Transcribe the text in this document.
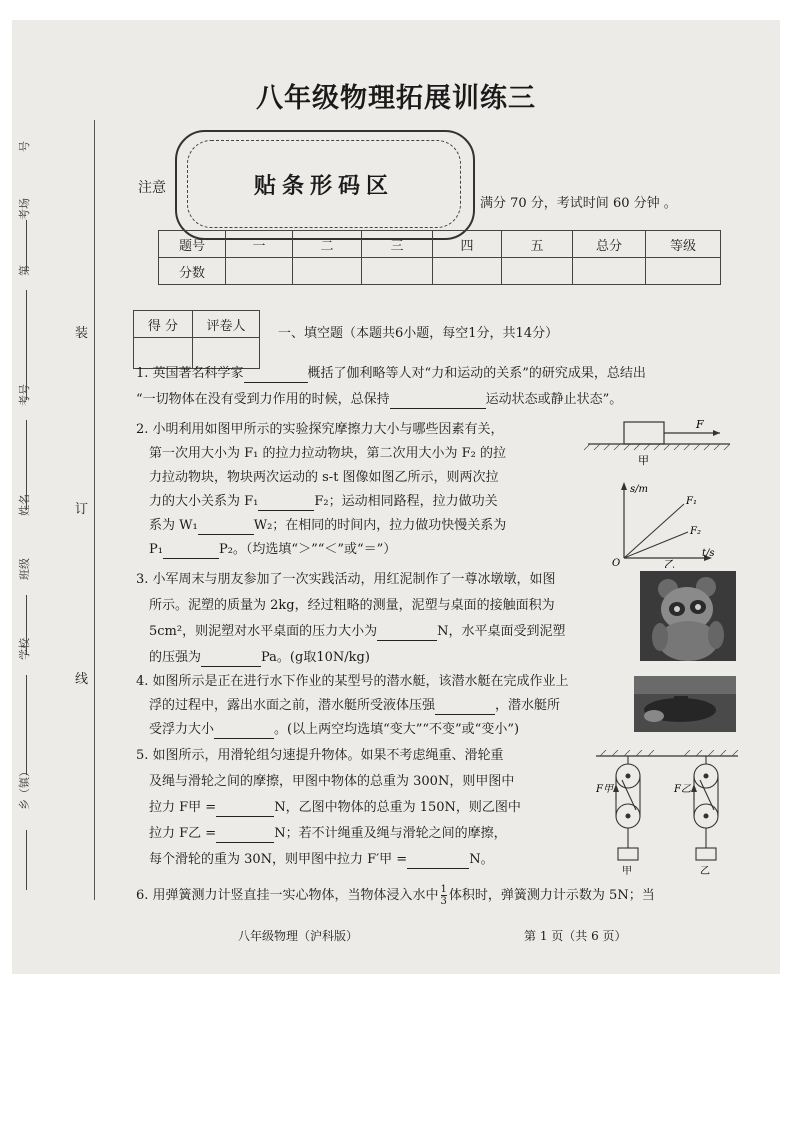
装
订
线
号
考场
第
考号
姓名
班级
学校
乡（镇）
八年级物理拓展训练三
注意	贴条形码区
满分 70 分，考试时间 60 分钟 。
题号	一	二	三	四	五	总分	等级
分数							
得 分	评卷人
		一、填空题（本题共6小题，每空1分，共14分）
1. 英国著名科学家	概括了伽利略等人对“力和运动的关系”的研究成果，总结出
“一切物体在没有受到力作用的时候，总保持	运动状态或静止状态”。
2. 小明利用如图甲所示的实验探究摩擦力大小与哪些因素有关，
第一次用大小为 F₁ 的拉力拉动物块，第二次用大小为 F₂ 的拉
力拉动物块，物块两次运动的 s-t 图像如图乙所示，则两次拉
力的大小关系为 F₁	F₂；运动相同路程，拉力做功关
系为 W₁	W₂；在相同的时间内，拉力做功快慢关系为
P₁	P₂。（均选填“＞”“＜”或“＝”）
F
甲
s/m
t/s
O
F₁
F₂
乙
3. 小军周末与朋友参加了一次实践活动，用红泥制作了一尊冰墩墩，如图
所示。泥塑的质量为 2kg，经过粗略的测量，泥塑与桌面的接触面积为
5cm²，则泥塑对水平桌面的压力大小为	N，水平桌面受到泥塑
的压强为	Pa。(g取10N/kg)
4. 如图所示是正在进行水下作业的某型号的潜水艇，该潜水艇在完成作业上
浮的过程中，露出水面之前，潜水艇所受液体压强	，潜水艇所
受浮力大小	。(以上两空均选填“变大”“不变”或“变小”)
5. 如图所示，用滑轮组匀速提升物体。如果不考虑绳重、滑轮重
及绳与滑轮之间的摩擦，甲图中物体的总重为 300N，则甲图中
拉力 F甲 =	N，乙图中物体的总重为 150N，则乙图中
拉力 F乙 =	N；若不计绳重及绳与滑轮之间的摩擦，
每个滑轮的重为 30N，则甲图中拉力 F′甲 =	N。
F甲
甲
F乙
乙
6. 用弹簧测力计竖直挂一实心物体，当物体浸入水中 $\frac{1}{3}$ 体积时，弹簧测力计示数为 5N；当
八年级物理（沪科版）	第 1 页（共 6 页）
